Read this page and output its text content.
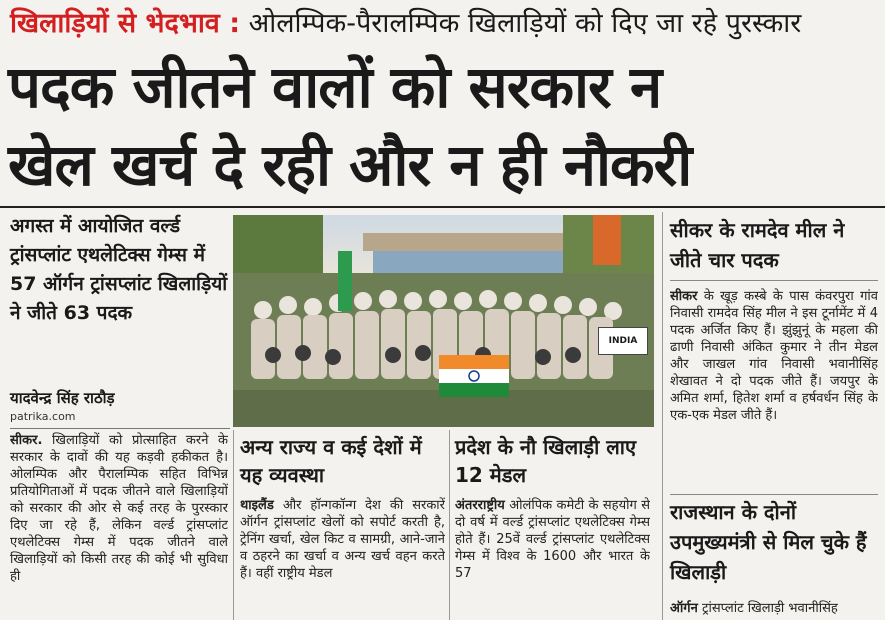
खिलाड़ियों से भेदभाव : ओलम्पिक-पैरालम्पिक खिलाड़ियों को दिए जा रहे पुरस्कार
पदक जीतने वालों को सरकार न
खेल खर्च दे रही और न ही नौकरी
अगस्त में आयोजित वर्ल्ड ट्रांसप्लांट एथलेटिक्स गेम्स में 57 ऑर्गन ट्रांसप्लांट खिलाड़ियों ने जीते 63 पदक
यादवेन्द्र सिंह राठौड़
patrika.com
सीकर. खिलाड़ियों को प्रोत्साहित करने के सरकार के दावों की यह कड़वी हकीकत है। ओलम्पिक और पैरालम्पिक सहित विभिन्न प्रतियोगिताओं में पदक जीतने वाले खिलाड़ियों को सरकार की ओर से कई तरह के पुरस्कार दिए जा रहे हैं, लेकिन वर्ल्ड ट्रांसप्लांट एथलेटिक्स गेम्स में पदक जीतने वाले खिलाड़ियों को किसी तरह की कोई भी सुविधा ही
INDIA
अन्य राज्य व कई देशों में यह व्यवस्था
थाइलैंड और हॉन्गकॉन्ग देश की सरकारें ऑर्गन ट्रांसप्लांट खेलों को सपोर्ट करती है, ट्रेनिंग खर्चा, खेल किट व सामग्री, आने-जाने व ठहरने का खर्चा व अन्य खर्च वहन करते हैं। वहीं राष्ट्रीय मेडल
प्रदेश के नौ खिलाड़ी लाए 12 मेडल
अंतरराष्ट्रीय ओलंपिक कमेटी के सहयोग से दो वर्ष में वर्ल्ड ट्रांसप्लांट एथलेटिक्स गेम्स होते हैं। 25वें वर्ल्ड ट्रांसप्लांट एथलेटिक्स गेम्स में विश्व के 1600 और भारत के 57
सीकर के रामदेव मील ने जीते चार पदक
सीकर के खूड़ कस्बे के पास कंवरपुरा गांव निवासी रामदेव सिंह मील ने इस टूर्नामेंट में 4 पदक अर्जित किए हैं। झुंझुनूं के महला की ढाणी निवासी अंकित कुमार ने तीन मेडल और जाखल गांव निवासी भवानीसिंह शेखावत ने दो पदक जीते हैं। जयपुर के अमित शर्मा, हितेश शर्मा व हर्षवर्धन सिंह के एक-एक मेडल जीते हैं।
राजस्थान के दोनों उपमुख्यमंत्री से मिल चुके हैं खिलाड़ी
ऑर्गन ट्रांसप्लांट खिलाड़ी भवानीसिंह
